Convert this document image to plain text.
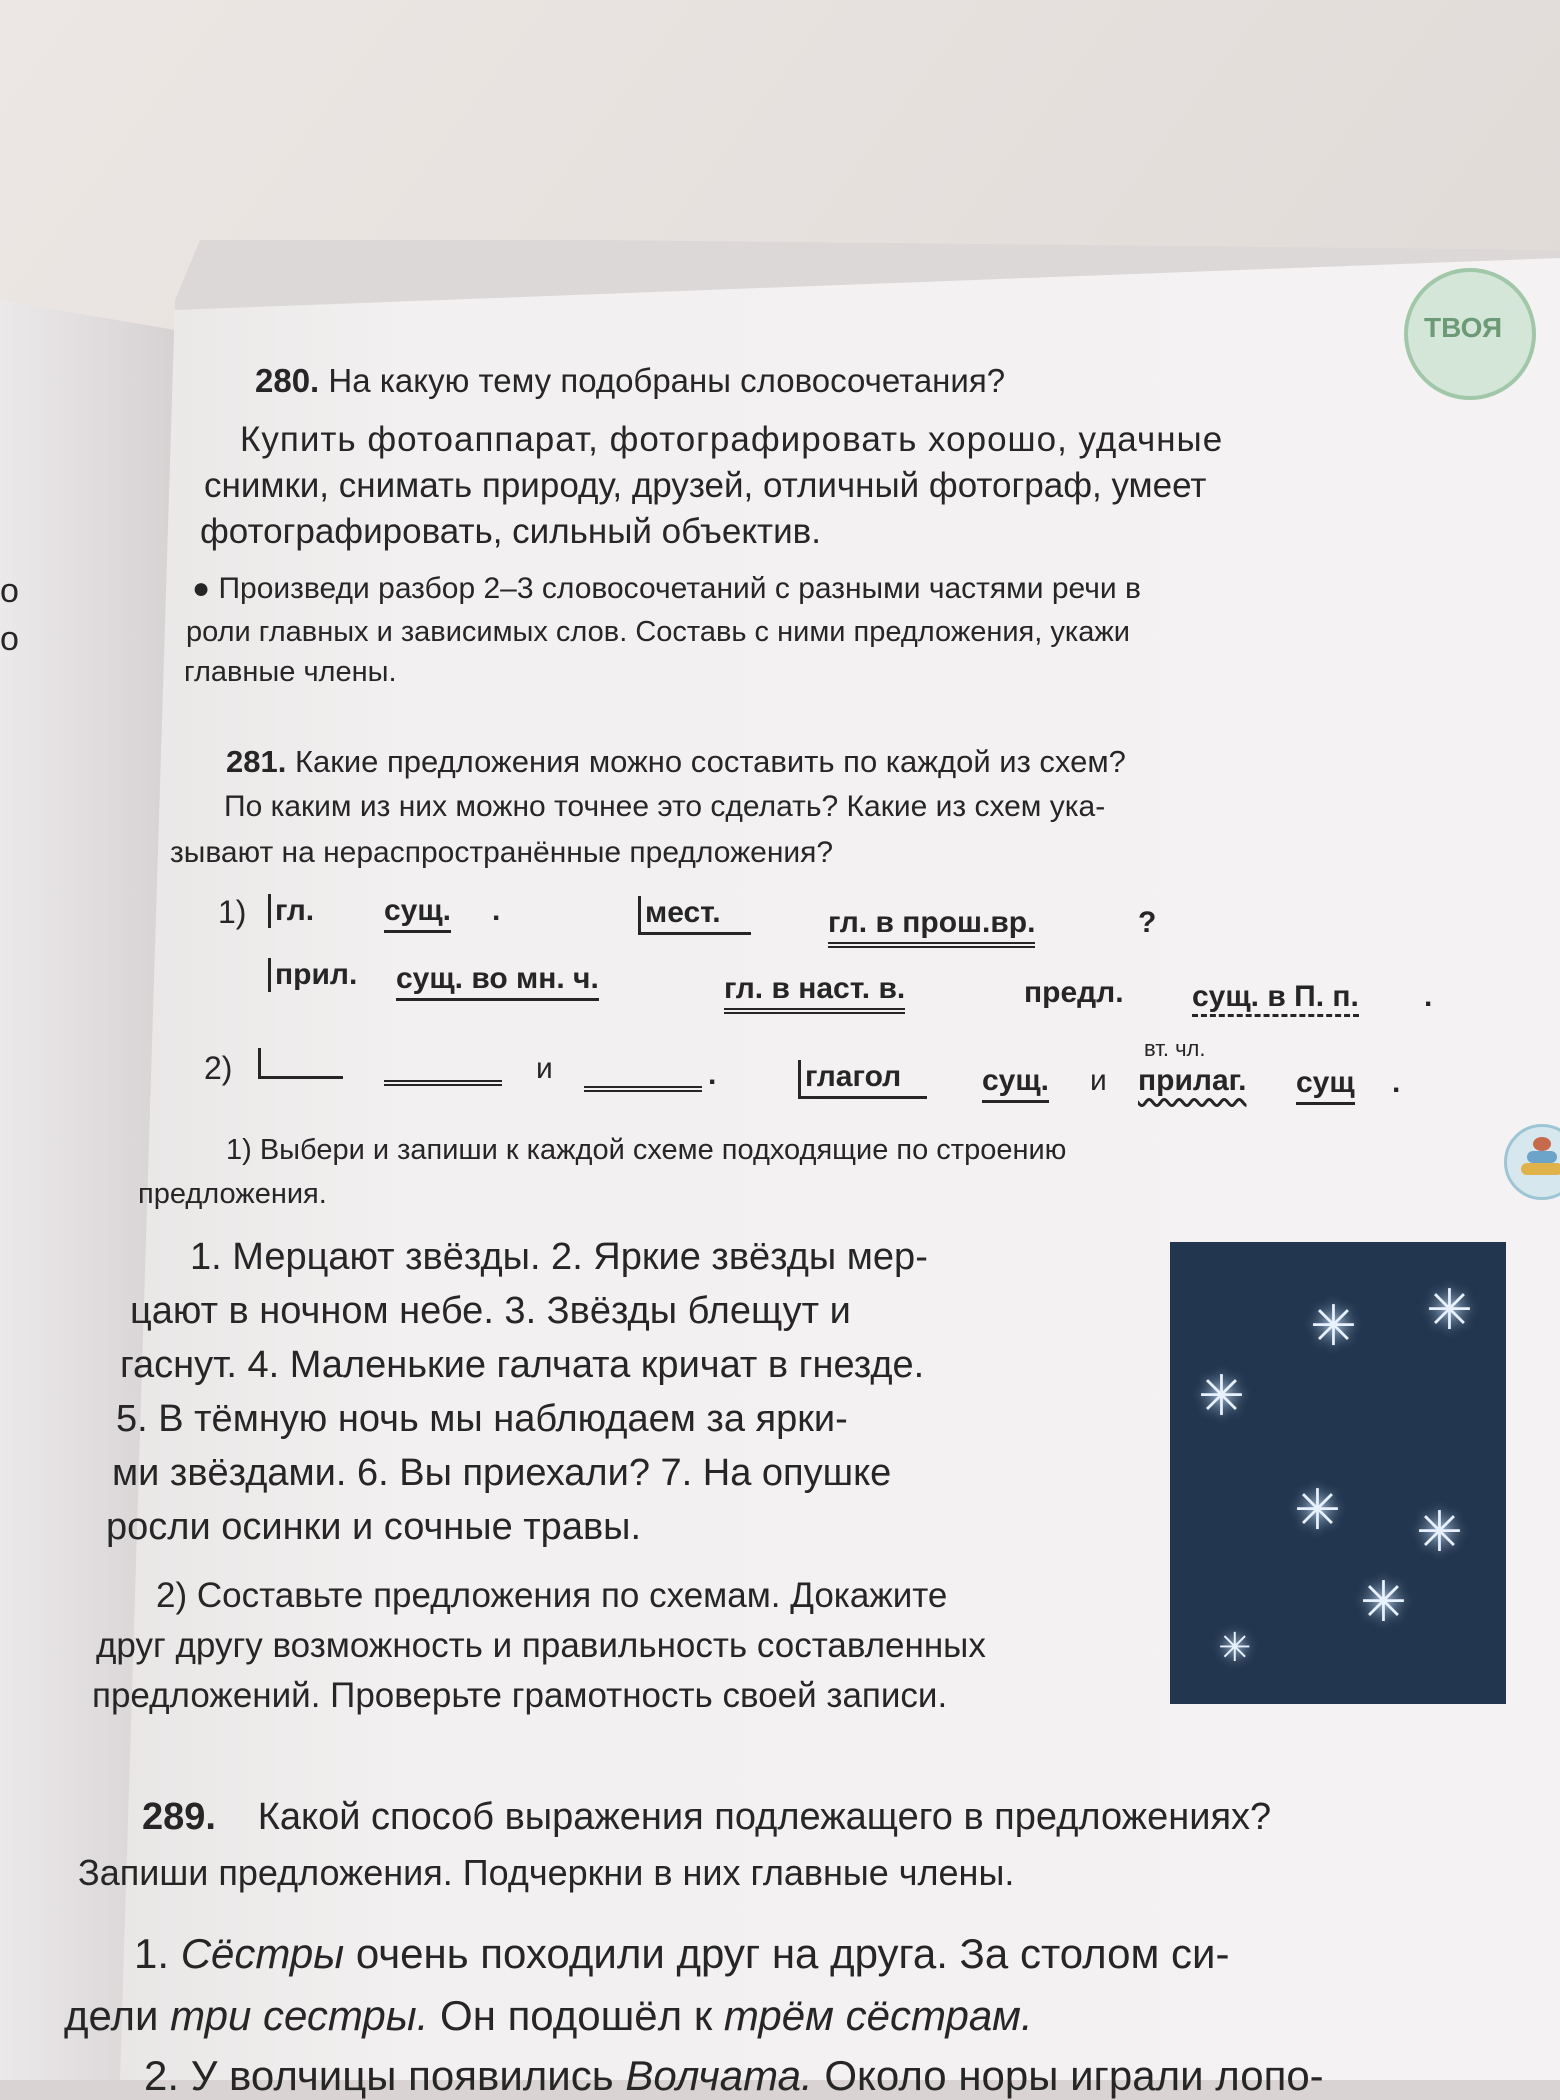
ТВОЯ
o
o
280. На какую тему подобраны словосочетания?
Купить фотоаппарат, фотографировать хорошо, удачные
снимки, снимать природу, друзей, отличный фотограф, умеет
фотографировать, сильный объектив.
● Произведи разбор 2–3 словосочетаний с разными частями речи в
роли главных и зависимых слов. Составь с ними предложения, укажи
главные члены.
281. Какие предложения можно составить по каждой из схем?
По каким из них можно точнее это сделать? Какие из схем ука-
зывают на нераспространённые предложения?
1) гл. сущ. .	мест.	гл. в прош.вр.	?
прил. сущ. во мн. ч.	гл. в наст. в.	предл. сущ. в П. п. .
2)	и	.	глагол	сущ. и
вт. чл.
прилаг. сущ .
1) Выбери и запиши к каждой схеме подходящие по строению
предложения.
1. Мерцают звёзды. 2. Яркие звёзды мер-
цают в ночном небе. 3. Звёзды блещут и
гаснут. 4. Маленькие галчата кричат в гнезде.
5. В тёмную ночь мы наблюдаем за ярки-
ми звёздами. 6. Вы приехали? 7. На опушке
росли осинки и сочные травы.
✳ ✳
✳
✳ ✳
✳
✳
2) Составьте предложения по схемам. Докажите
друг другу возможность и правильность составленных
предложений. Проверьте грамотность своей записи.
289. Какой способ выражения подлежащего в предложениях?
Запиши предложения. Подчеркни в них главные члены.
1. Сёстры очень походили друг на друга. За столом си-
дели три сестры. Он подошёл к трём сёстрам.
2. У волчицы появились Волчата. Около норы играли лопо-
